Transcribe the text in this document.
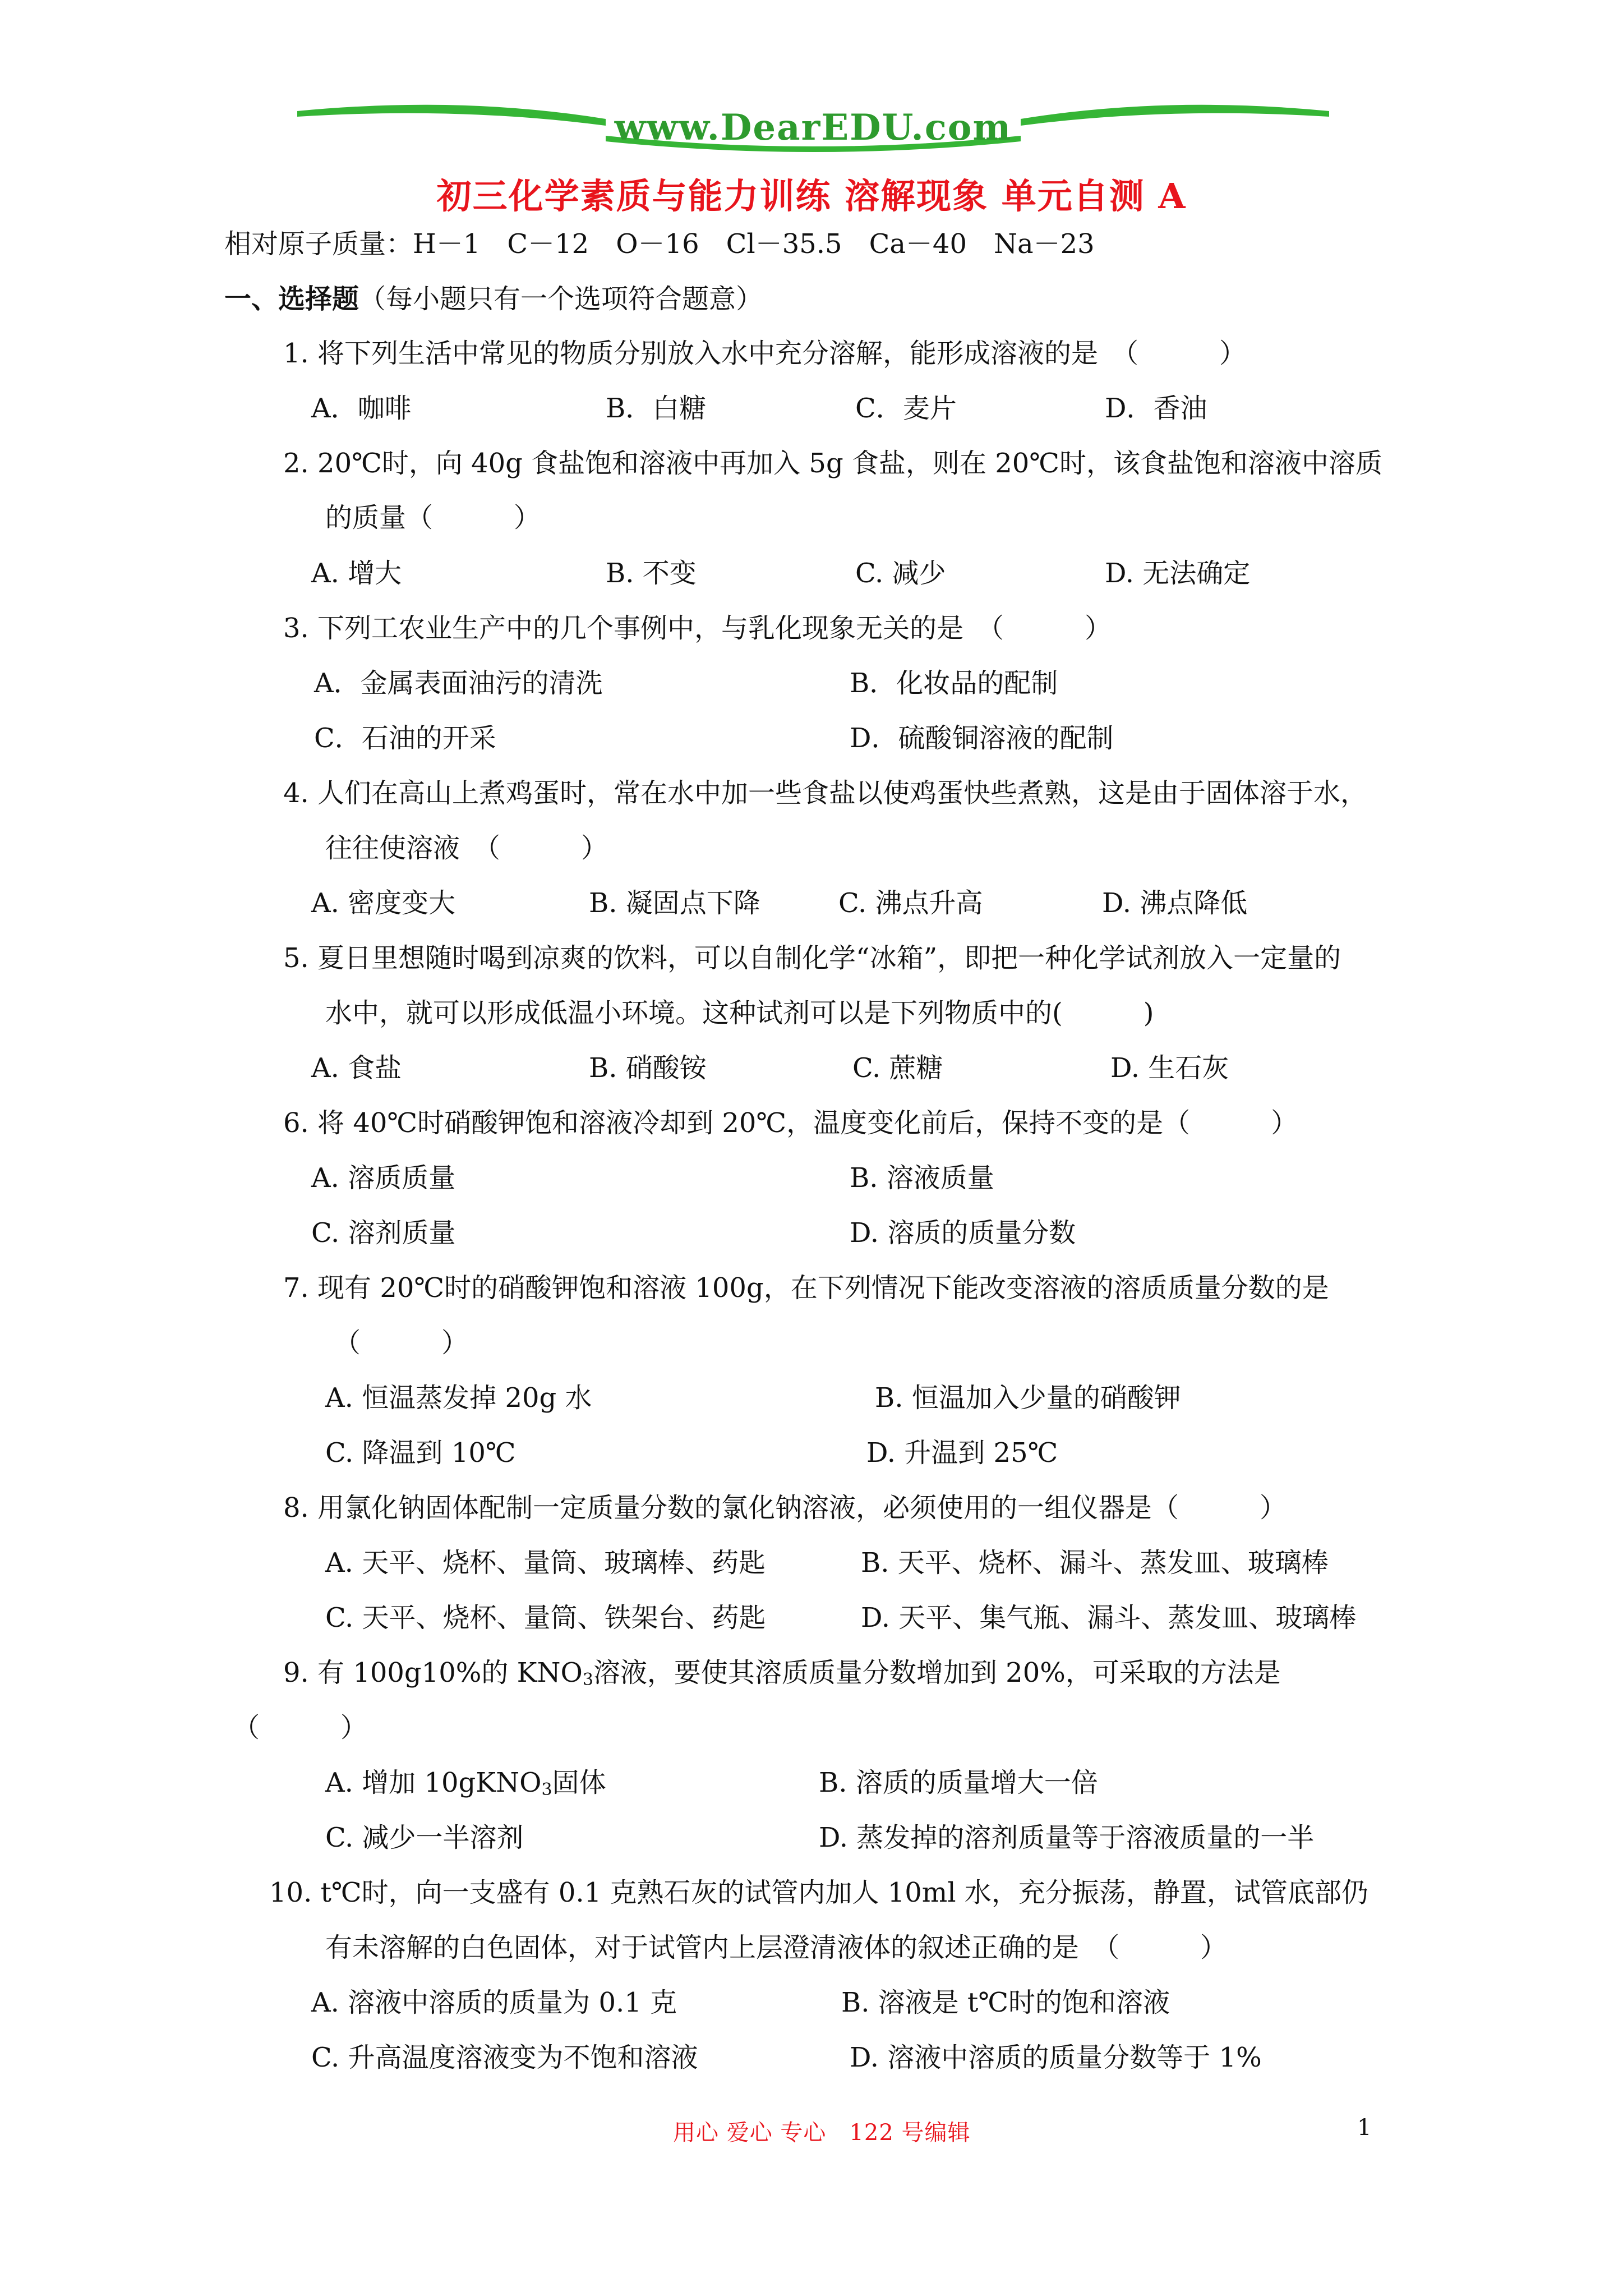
www.DearEDU.com
初三化学素质与能力训练 溶解现象 单元自测 A
相对原子质量：H－1　C－12　O－16　Cl－35.5　Ca－40　Na－23
一、选择题（每小题只有一个选项符合题意）
1. 将下列生活中常见的物质分别放入水中充分溶解，能形成溶液的是　（　　　）
A．咖啡	B．白糖	C．麦片	D．香油
2. 20℃时，向 40g 食盐饱和溶液中再加入 5g 食盐，则在 20℃时，该食盐饱和溶液中溶质
的质量（　　　）
A. 增大	B. 不变	C. 减少	D. 无法确定
3. 下列工农业生产中的几个事例中，与乳化现象无关的是　（　　　）
A．金属表面油污的清洗	B．化妆品的配制
C．石油的开采	D．硫酸铜溶液的配制
4. 人们在高山上煮鸡蛋时，常在水中加一些食盐以使鸡蛋快些煮熟，这是由于固体溶于水，
往往使溶液　（　　　）
A. 密度变大	B. 凝固点下降	C. 沸点升高	D. 沸点降低
5. 夏日里想随时喝到凉爽的饮料，可以自制化学“冰箱”，即把一种化学试剂放入一定量的
水中，就可以形成低温小环境。这种试剂可以是下列物质中的(　　　)
A. 食盐	B. 硝酸铵	C. 蔗糖	D. 生石灰
6. 将 40℃时硝酸钾饱和溶液冷却到 20℃，温度变化前后，保持不变的是（　　　）
A. 溶质质量	B. 溶液质量
C. 溶剂质量	D. 溶质的质量分数
7. 现有 20℃时的硝酸钾饱和溶液 100g，在下列情况下能改变溶液的溶质质量分数的是
（　　　）
A. 恒温蒸发掉 20g 水	B. 恒温加入少量的硝酸钾
C. 降温到 10℃	D. 升温到 25℃
8. 用氯化钠固体配制一定质量分数的氯化钠溶液，必须使用的一组仪器是（　　　）
A. 天平、烧杯、量筒、玻璃棒、药匙	B. 天平、烧杯、漏斗、蒸发皿、玻璃棒
C. 天平、烧杯、量筒、铁架台、药匙	D. 天平、集气瓶、漏斗、蒸发皿、玻璃棒
9. 有 100g10%的 $KNO_3$溶液，要使其溶质质量分数增加到 20%，可采取的方法是
（　　　）
A. 增加 10gKNO$_3$固体	B. 溶质的质量增大一倍
C. 减少一半溶剂	D. 蒸发掉的溶剂质量等于溶液质量的一半
10. t℃时，向一支盛有 0.1 克熟石灰的试管内加人 10ml 水，充分振荡，静置，试管底部仍
有未溶解的白色固体，对于试管内上层澄清液体的叙述正确的是　（　　　）
A. 溶液中溶质的质量为 0.1 克	B. 溶液是 t℃时的饱和溶液
C. 升高温度溶液变为不饱和溶液	D. 溶液中溶质的质量分数等于 1%
用心 爱心 专心　122 号编辑	1
